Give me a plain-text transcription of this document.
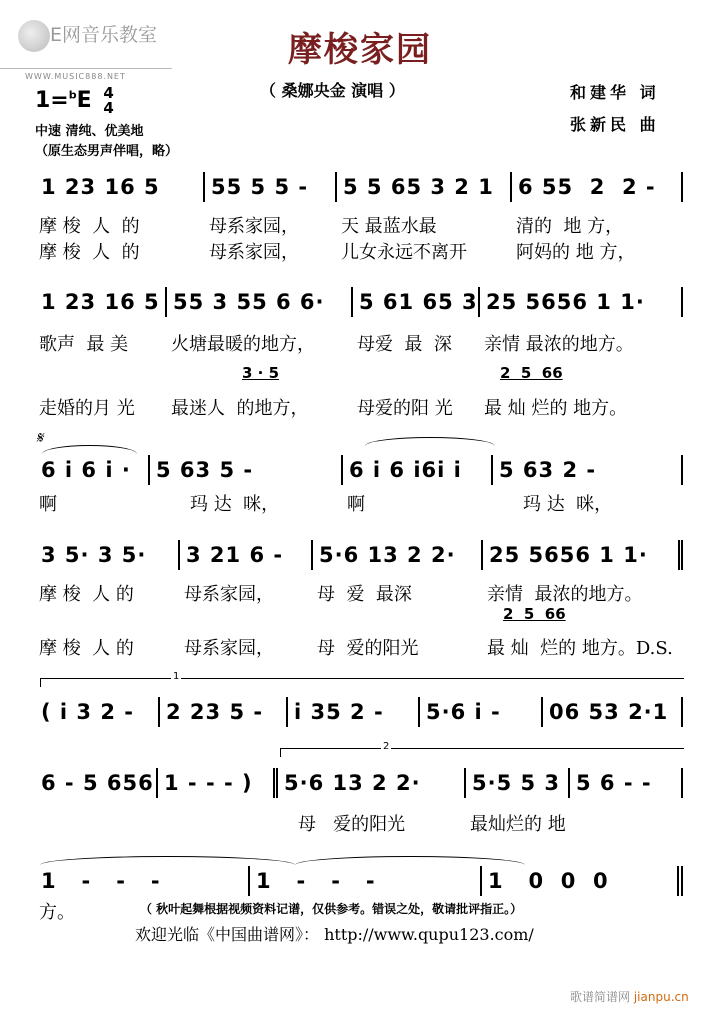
E网音乐教室
WWW.MUSIC888.NET
摩梭家园
（ 桑娜央金 演唱 ）	和建华 词
张新民 曲
1=$^b$E 4
4
中速 清纯、优美地
（原生态男声伴唱，略）
1 23 16 5	55 5 5 -	5 5 65 3 2 1	6 55  2  2 -
摩 梭  人  的	母系家园，	天 最蓝水最	清的  地 方，
摩 梭  人  的	母系家园，	儿女永远不离开	阿妈的 地 方，
1 23 16 5 55 3 55 6 6·	5 61 65 3 25 5656 1 1·
歌声  最 美	火塘最暖的地方，	母爱  最  深	亲情 最浓的地方。
3 · 5	2  5  66
走婚的月 光	最迷人  的地方，	母爱的阳 光	最 灿 烂的 地方。
𝄋
6 i 6 i ·	5 63 5 -	6 i 6 i6i i	5 63 2 -
啊	玛 达  咪，	啊	玛 达  咪，
3 5· 3 5·	3 21 6 -	5·6 13 2 2·	25 5656 1 1·
摩 梭  人 的	母系家园，	母  爱  最深	亲情  最浓的地方。
2  5  66
摩 梭  人 的	母系家园，	母  爱的阳光	最 灿  烂的 地方。D.S.
1
( i 3 2 -	2 23 5 -	i 35 2 -	5·6 i -	06 53 2·1
2
6 - 5 656 1 - - - )	5·6 13 2 2·	5·5 5 3 5 6 - -
母   爱的阳光	最灿烂的 地
1   -   -   -	1   -   -   -	1   0  0  0
方。	（ 秋叶起舞根据视频资料记谱，仅供参考。错误之处，敬请批评指正。）
欢迎光临《中国曲谱网》： http://www.qupu123.com/
歌谱简谱网 jianpu.cn
